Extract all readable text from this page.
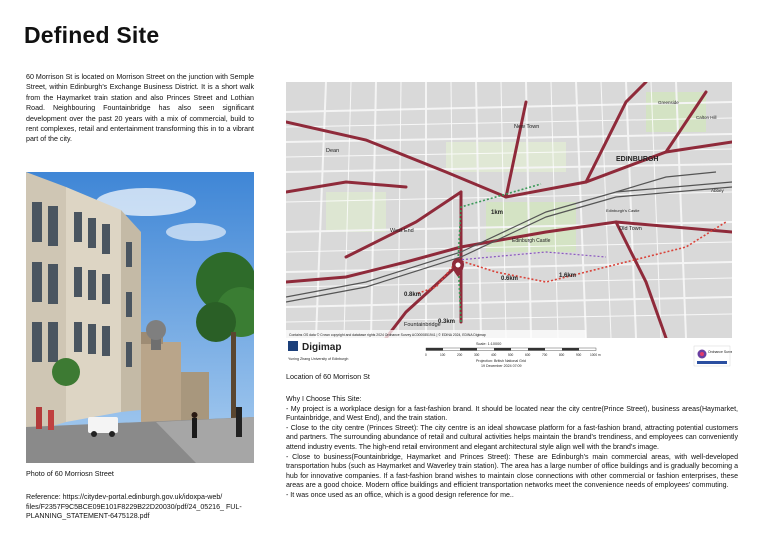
Defined Site
60 Morrison St is located on Morrison Street on the junction with Semple Street, within Edinburgh's Exchange Business District. It is a short walk from the Haymarket train station and also Princes Street and Lothian Road. Neighbouring Fountainbridge has also seen significant development over the past 20 years with a mix of commercial, build to rent complexes, retail and entertainment transforming this in to a vibrant part of the city.
Photo of 60 Morriosn Street
Reference: https://citydev-portal.edinburgh.gov.uk/idoxpa-web/ files/F2357F9C5BCE09E101F8229B22D20030/pdf/24_05216_ FUL-PLANNING_STATEMENT-6475128.pdf
EDINBURGH
New Town
West End
Dean
Edinburgh Castle
Old Town
Fountainbridge
Greenside
Calton Hill
Abbey
Edinburgh's Castle
1km
0.8km
0.3km
0.6km	1.6km
Contains OS data © Crown copyright and database rights 2024 Ordnance Survey AC0000851941 | © EDINA 2024, EDINA Digimap
Digimap
Yuning Zhang University of Edinburgh
Scale: 1:10000
0	100	200	300	400	500	600	700	800	900	1000 m
Projection: British National Grid
19 December 2024 07:09
Ordnance Survey
Location of 60 Morrison St

Why I Choose This Site:

- My project is a workplace design for a fast-fashion brand. It should be located near the city centre(Prince Street), business areas(Haymarket, Funtainbridge, and West End), and the train station.

- Close to the city centre (Princes Street): The city centre is an ideal showcase platform for a fast-fashion brand, attracting potential customers and partners. The surrounding abundance of retail and cultural activities helps maintain the brand's trendiness, and employees can conveniently attend industry events. The high-end retail environment and elegant architectural style align well with the brand's image.

- Close to business(Fountainbridge, Haymarket and Princes Street): These are Edinburgh's main commercial areas, with well-developed transportation hubs (such as Haymarket and Waverley train station). The area has a large number of office buildings and is gradually becoming a hub for innovative companies. If a fast-fashion brand wishes to maintain close connections with other commercial or fashion enterprises, these areas are a good choice. Modern office buildings and efficient transportation networks meet the convenience needs of employees' commuting.

- It was once used as an office, which is a good design reference for me..
